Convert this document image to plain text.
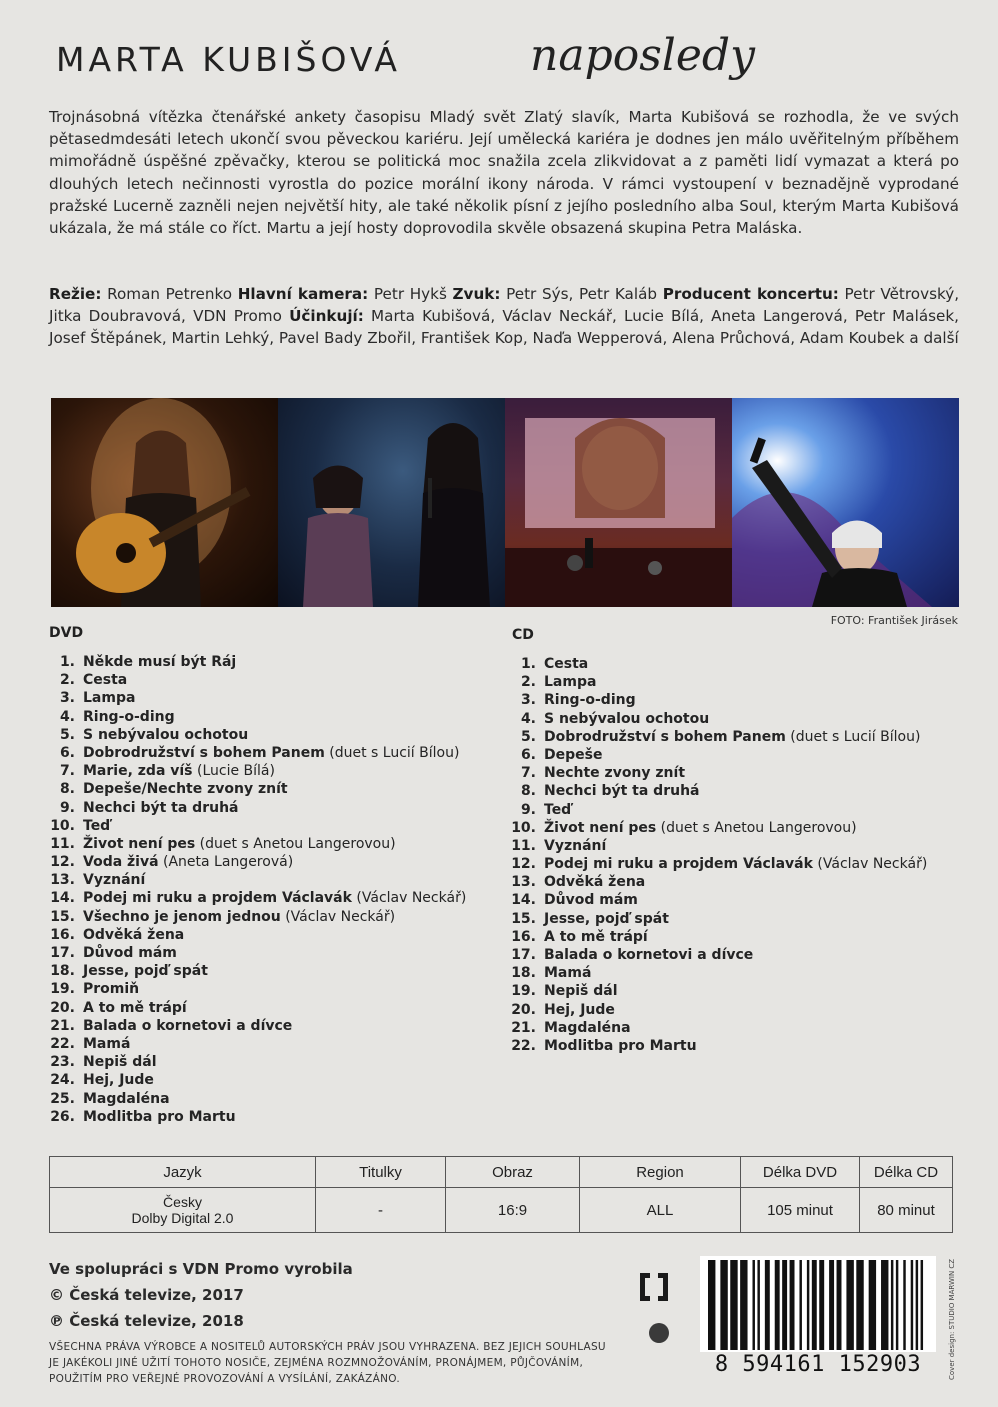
MARTA KUBIŠOVÁ	naposledy
Trojnásobná vítězka čtenářské ankety časopisu Mladý svět Zlatý slavík, Marta Kubišová se rozhodla, že ve svých pětasedmdesáti letech ukončí svou pěveckou kariéru. Její umělecká kariéra je dodnes jen málo uvěřitelným příběhem mimořádně úspěšné zpěvačky, kterou se politická moc snažila zcela zlikvidovat a z paměti lidí vymazat a která po dlouhých letech nečinnosti vyrostla do pozice morální ikony národa. V rámci vystoupení v beznadějně vyprodané pražské Lucerně zazněli nejen největší hity, ale také několik písní z jejího posledního alba Soul, kterým Marta Kubišová ukázala, že má stále co říct. Martu a její hosty doprovodila skvěle obsazená skupina Petra Maláska.
Režie: Roman Petrenko Hlavní kamera: Petr Hykš Zvuk: Petr Sýs, Petr Kaláb Producent koncertu: Petr Větrovský, Jitka Doubravová, VDN Promo Účinkují: Marta Kubišová, Václav Neckář, Lucie Bílá, Aneta Langerová, Petr Malásek, Josef Štěpánek, Martin Lehký, Pavel Bady Zbořil, František Kop, Naďa Wepperová, Alena Průchová, Adam Koubek a další
FOTO: František Jirásek
DVD
1. Někde musí být Ráj
2. Cesta
3. Lampa
4. Ring-o-ding
5. S nebývalou ochotou
6. Dobrodružství s bohem Panem (duet s Lucií Bílou)
7. Marie, zda víš (Lucie Bílá)
8. Depeše/Nechte zvony znít
9. Nechci být ta druhá
10. Teď
11. Život není pes (duet s Anetou Langerovou)
12. Voda živá (Aneta Langerová)
13. Vyznání
14. Podej mi ruku a projdem Václavák (Václav Neckář)
15. Všechno je jenom jednou (Václav Neckář)
16. Odvěká žena
17. Důvod mám
18. Jesse, pojď spát
19. Promiň
20. A to mě trápí
21. Balada o kornetovi a dívce
22. Mamá
23. Nepiš dál
24. Hej, Jude
25. Magdaléna
26. Modlitba pro Martu
CD
1. Cesta
2. Lampa
3. Ring-o-ding
4. S nebývalou ochotou
5. Dobrodružství s bohem Panem (duet s Lucií Bílou)
6. Depeše
7. Nechte zvony znít
8. Nechci být ta druhá
9. Teď
10. Život není pes (duet s Anetou Langerovou)
11. Vyznání
12. Podej mi ruku a projdem Václavák (Václav Neckář)
13. Odvěká žena
14. Důvod mám
15. Jesse, pojď spát
16. A to mě trápí
17. Balada o kornetovi a dívce
18. Mamá
19. Nepiš dál
20. Hej, Jude
21. Magdaléna
22. Modlitba pro Martu
Jazyk	Titulky	Obraz	Region	Délka DVD	Délka CD
Česky
Dolby Digital 2.0	-	16:9	ALL	105 minut	80 minut
Ve spolupráci s VDN Promo vyrobila
© Česká televize, 2017
℗ Česká televize, 2018
VŠECHNA PRÁVA VÝROBCE A NOSITELŮ AUTORSKÝCH PRÁV JSOU VYHRAZENA. BEZ JEJICH SOUHLASU JE JAKÉKOLI JINÉ UŽITÍ TOHOTO NOSIČE, ZEJMÉNA ROZMNOŽOVÁNÍM, PRONÁJMEM, PŮJČOVÁNÍM, POUŽITÍM PRO VEŘEJNÉ PROVOZOVÁNÍ A VYSÍLÁNÍ, ZAKÁZÁNO.
8 594161 152903	Cover design: STUDIO MARWIN CZ
